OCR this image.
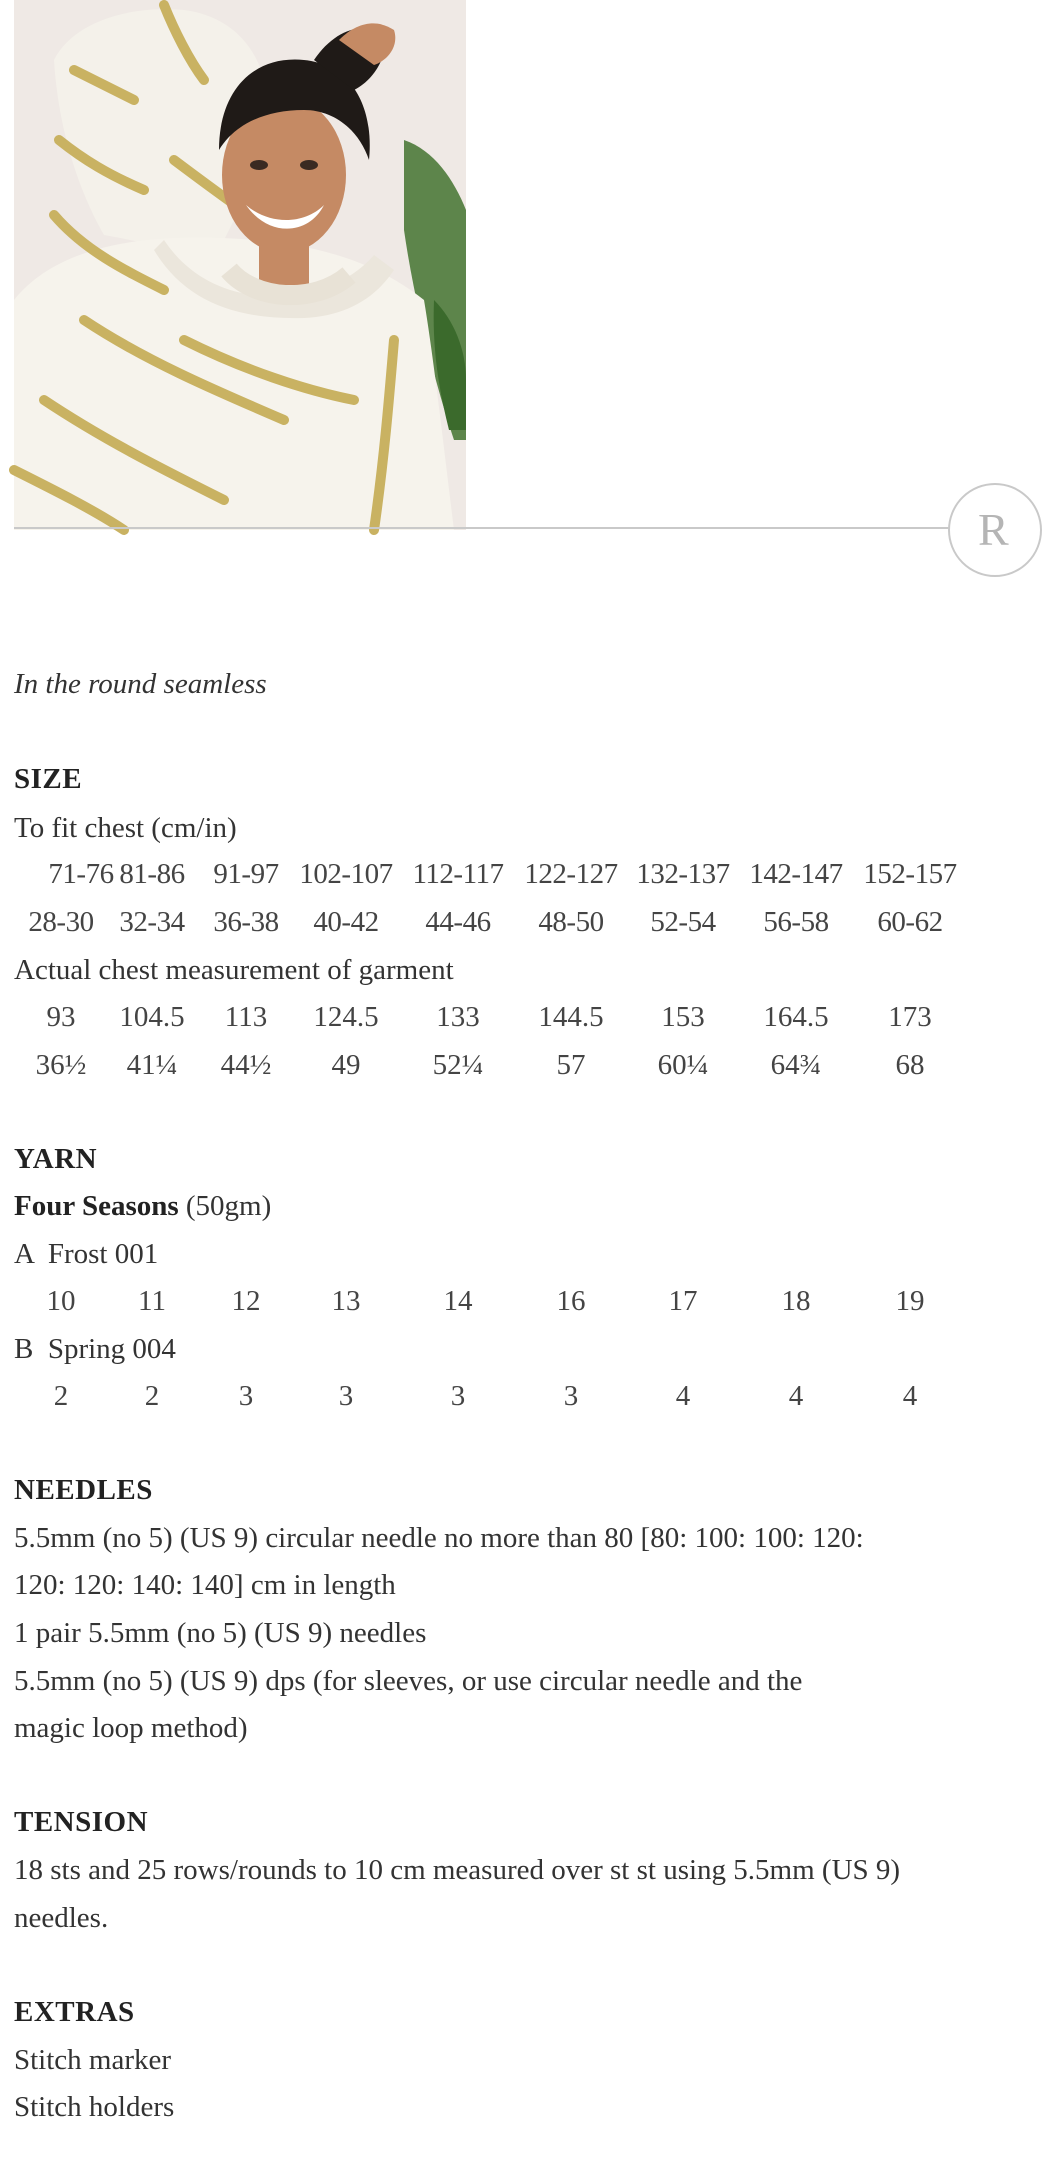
R
In the round seamless
SIZE
To fit chest (cm/in)
71-76 81-86 91-97 102-107 112-117 122-127 132-137 142-147 152-157
28-30 32-34 36-38	40-42	44-46	48-50	52-54	56-58	60-62
Actual chest measurement of garment
93	104.5	113	124.5	133	144.5	153	164.5	173
36½	41¼	44½	49	52¼	57	60¼	64¾	68
YARN
Four Seasons (50gm)
A  Frost 001
10	11	12	13	14	16	17	18	19
B  Spring 004
2	2	3	3	3	3	4	4	4
NEEDLES
5.5mm (no 5) (US 9) circular needle no more than 80 [80: 100: 100: 120:
120: 120: 140: 140] cm in length
1 pair 5.5mm (no 5) (US 9) needles
5.5mm (no 5) (US 9) dps (for sleeves, or use circular needle and the
magic loop method)
TENSION
18 sts and 25 rows/rounds to 10 cm measured over st st using 5.5mm (US 9)
needles.
EXTRAS
Stitch marker
Stitch holders
